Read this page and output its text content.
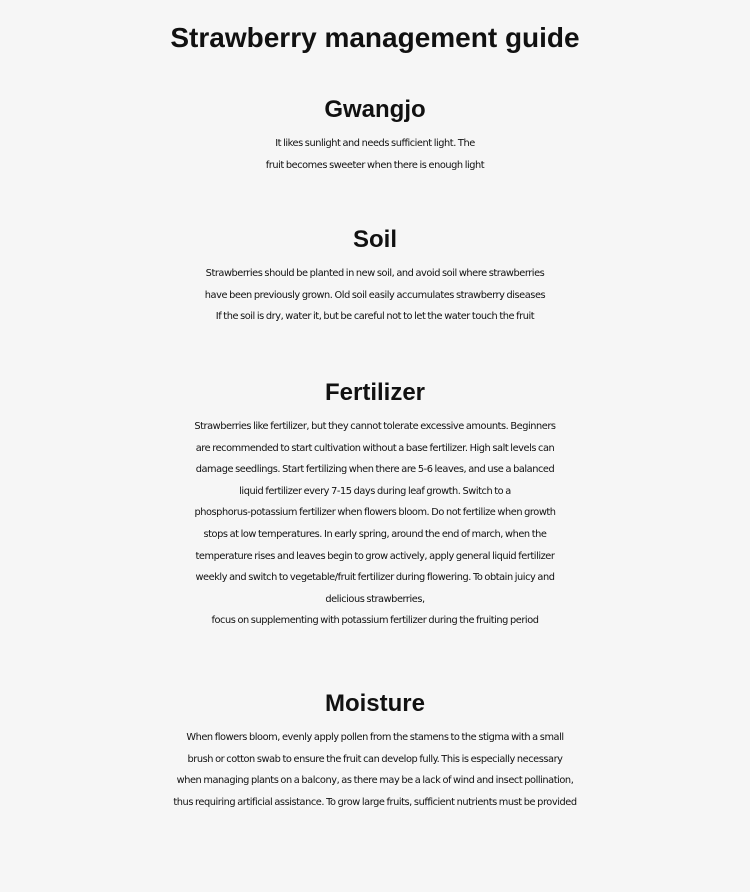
Strawberry management guide
Gwangjo
It likes sunlight and needs sufficient light. The
fruit becomes sweeter when there is enough light
Soil
Strawberries should be planted in new soil, and avoid soil where strawberries
have been previously grown. Old soil easily accumulates strawberry diseases
If the soil is dry, water it, but be careful not to let the water touch the fruit
Fertilizer
Strawberries like fertilizer, but they cannot tolerate excessive amounts. Beginners
are recommended to start cultivation without a base fertilizer. High salt levels can
damage seedlings. Start fertilizing when there are 5-6 leaves, and use a balanced
liquid fertilizer every 7-15 days during leaf growth. Switch to a
phosphorus-potassium fertilizer when flowers bloom. Do not fertilize when growth
stops at low temperatures. In early spring, around the end of march, when the
temperature rises and leaves begin to grow actively, apply general liquid fertilizer
weekly and switch to vegetable/fruit fertilizer during flowering. To obtain juicy and
delicious strawberries,
focus on supplementing with potassium fertilizer during the fruiting period
Moisture
When flowers bloom, evenly apply pollen from the stamens to the stigma with a small
brush or cotton swab to ensure the fruit can develop fully. This is especially necessary
when managing plants on a balcony, as there may be a lack of wind and insect pollination,
thus requiring artificial assistance. To grow large fruits, sufficient nutrients must be provided
